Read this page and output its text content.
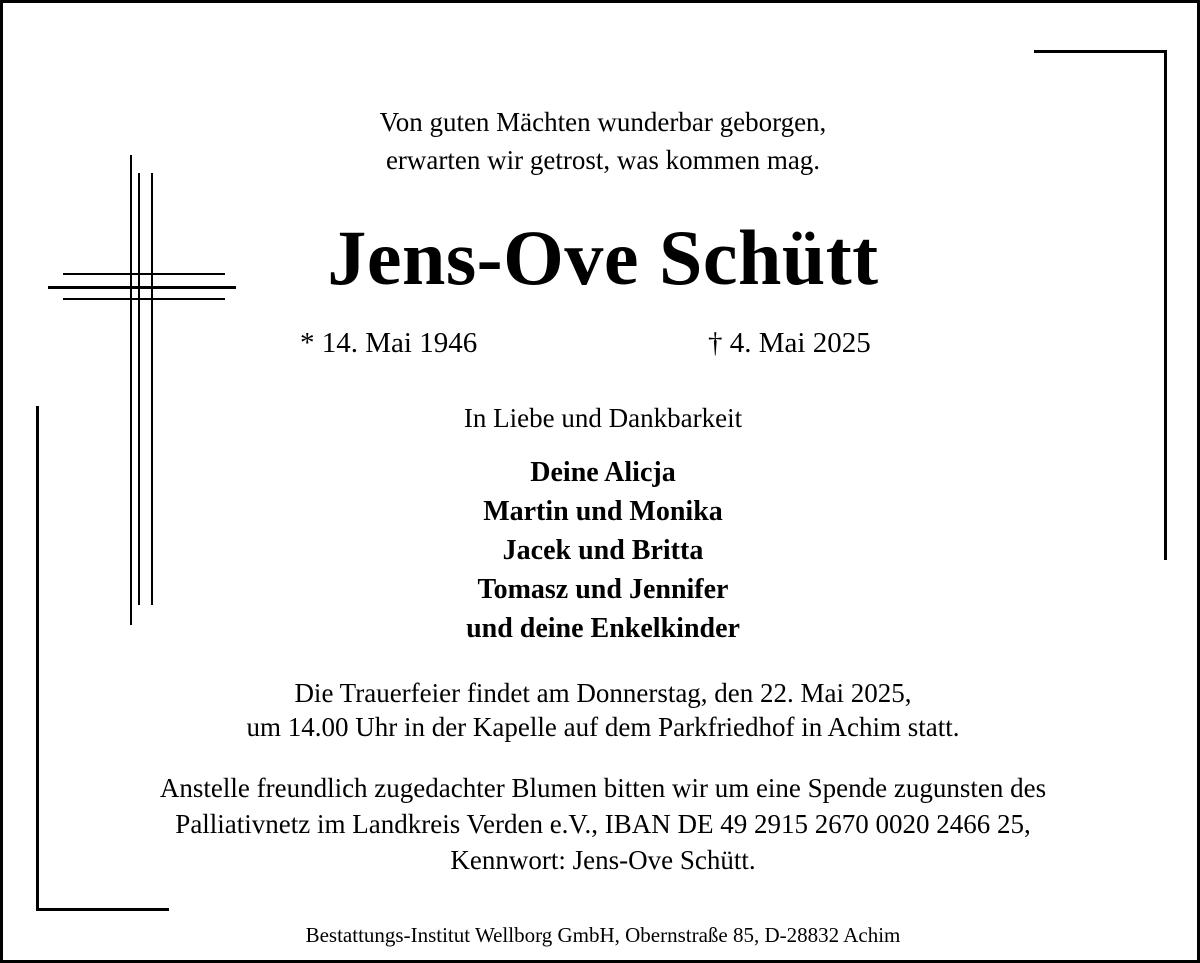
Von guten Mächten wunderbar geborgen,
erwarten wir getrost, was kommen mag.
Jens-Ove Schütt
* 14. Mai 1946	† 4. Mai 2025
In Liebe und Dankbarkeit
Deine Alicja
Martin und Monika
Jacek und Britta
Tomasz und Jennifer
und deine Enkelkinder
Die Trauerfeier findet am Donnerstag, den 22. Mai 2025,
um 14.00 Uhr in der Kapelle auf dem Parkfriedhof in Achim statt.
Anstelle freundlich zugedachter Blumen bitten wir um eine Spende zugunsten des
Palliativnetz im Landkreis Verden e.V., IBAN DE 49 2915 2670 0020 2466 25,
Kennwort: Jens-Ove Schütt.
Bestattungs-Institut Wellborg GmbH, Obernstraße 85, D-28832 Achim
